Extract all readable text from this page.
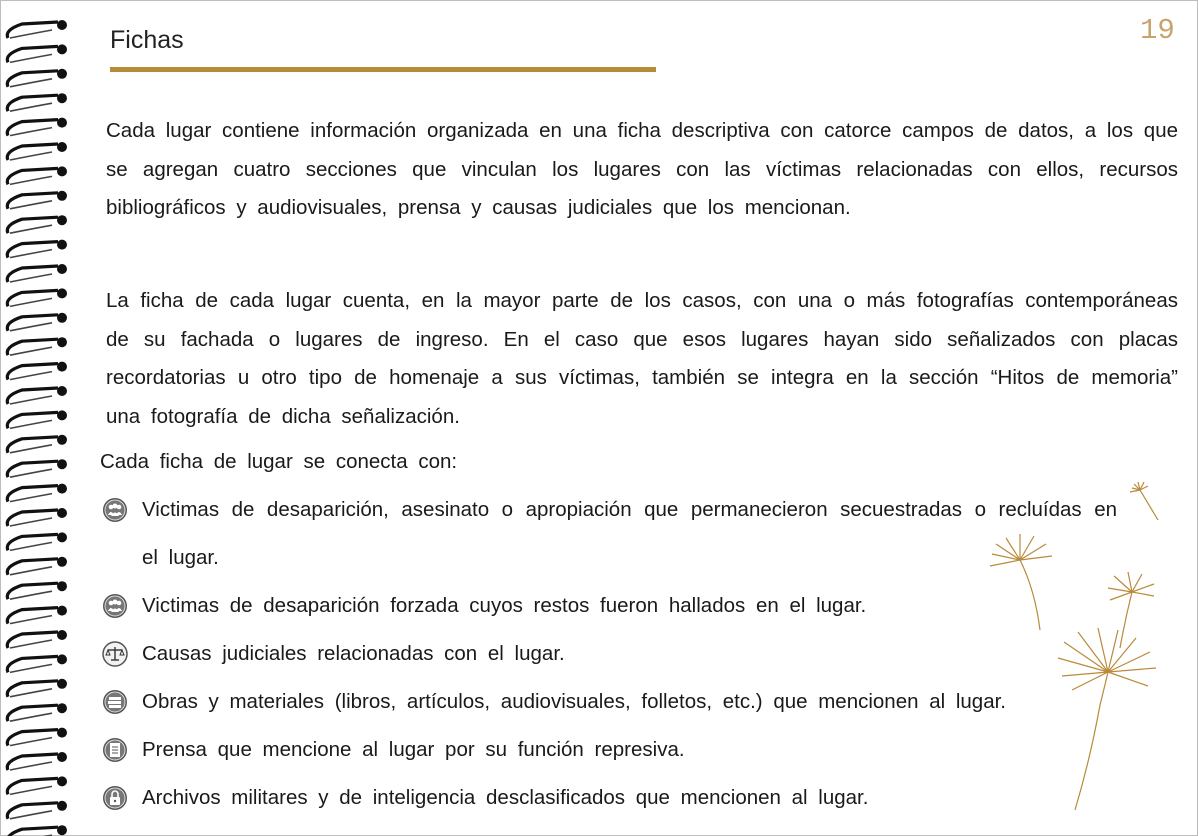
Fichas	19
Cada lugar contiene información organizada en una ficha descriptiva con catorce campos de datos, a los que se agregan cuatro secciones que vinculan los lugares con las víctimas relacionadas con ellos, recursos bibliográficos y audiovisuales, prensa y causas judiciales que los mencionan.
La ficha de cada lugar cuenta, en la mayor parte de los casos, con una o más fotografías contemporáneas de su fachada o lugares de ingreso. En el caso que esos lugares hayan sido señalizados con placas recordatorias u otro tipo de homenaje a sus víctimas, también se integra en la sección “Hitos de memoria” una fotografía de dicha señalización.
Cada ficha de lugar se conecta con:
Victimas de desaparición, asesinato o apropiación que permanecieron secuestradas o recluídas en el lugar.
Victimas de desaparición forzada cuyos restos fueron hallados en el lugar.
Causas judiciales relacionadas con el lugar.
Obras y materiales (libros, artículos, audiovisuales, folletos, etc.) que mencionen al lugar.
Prensa que mencione al lugar por su función represiva.
Archivos militares y de inteligencia desclasificados que mencionen al lugar.
